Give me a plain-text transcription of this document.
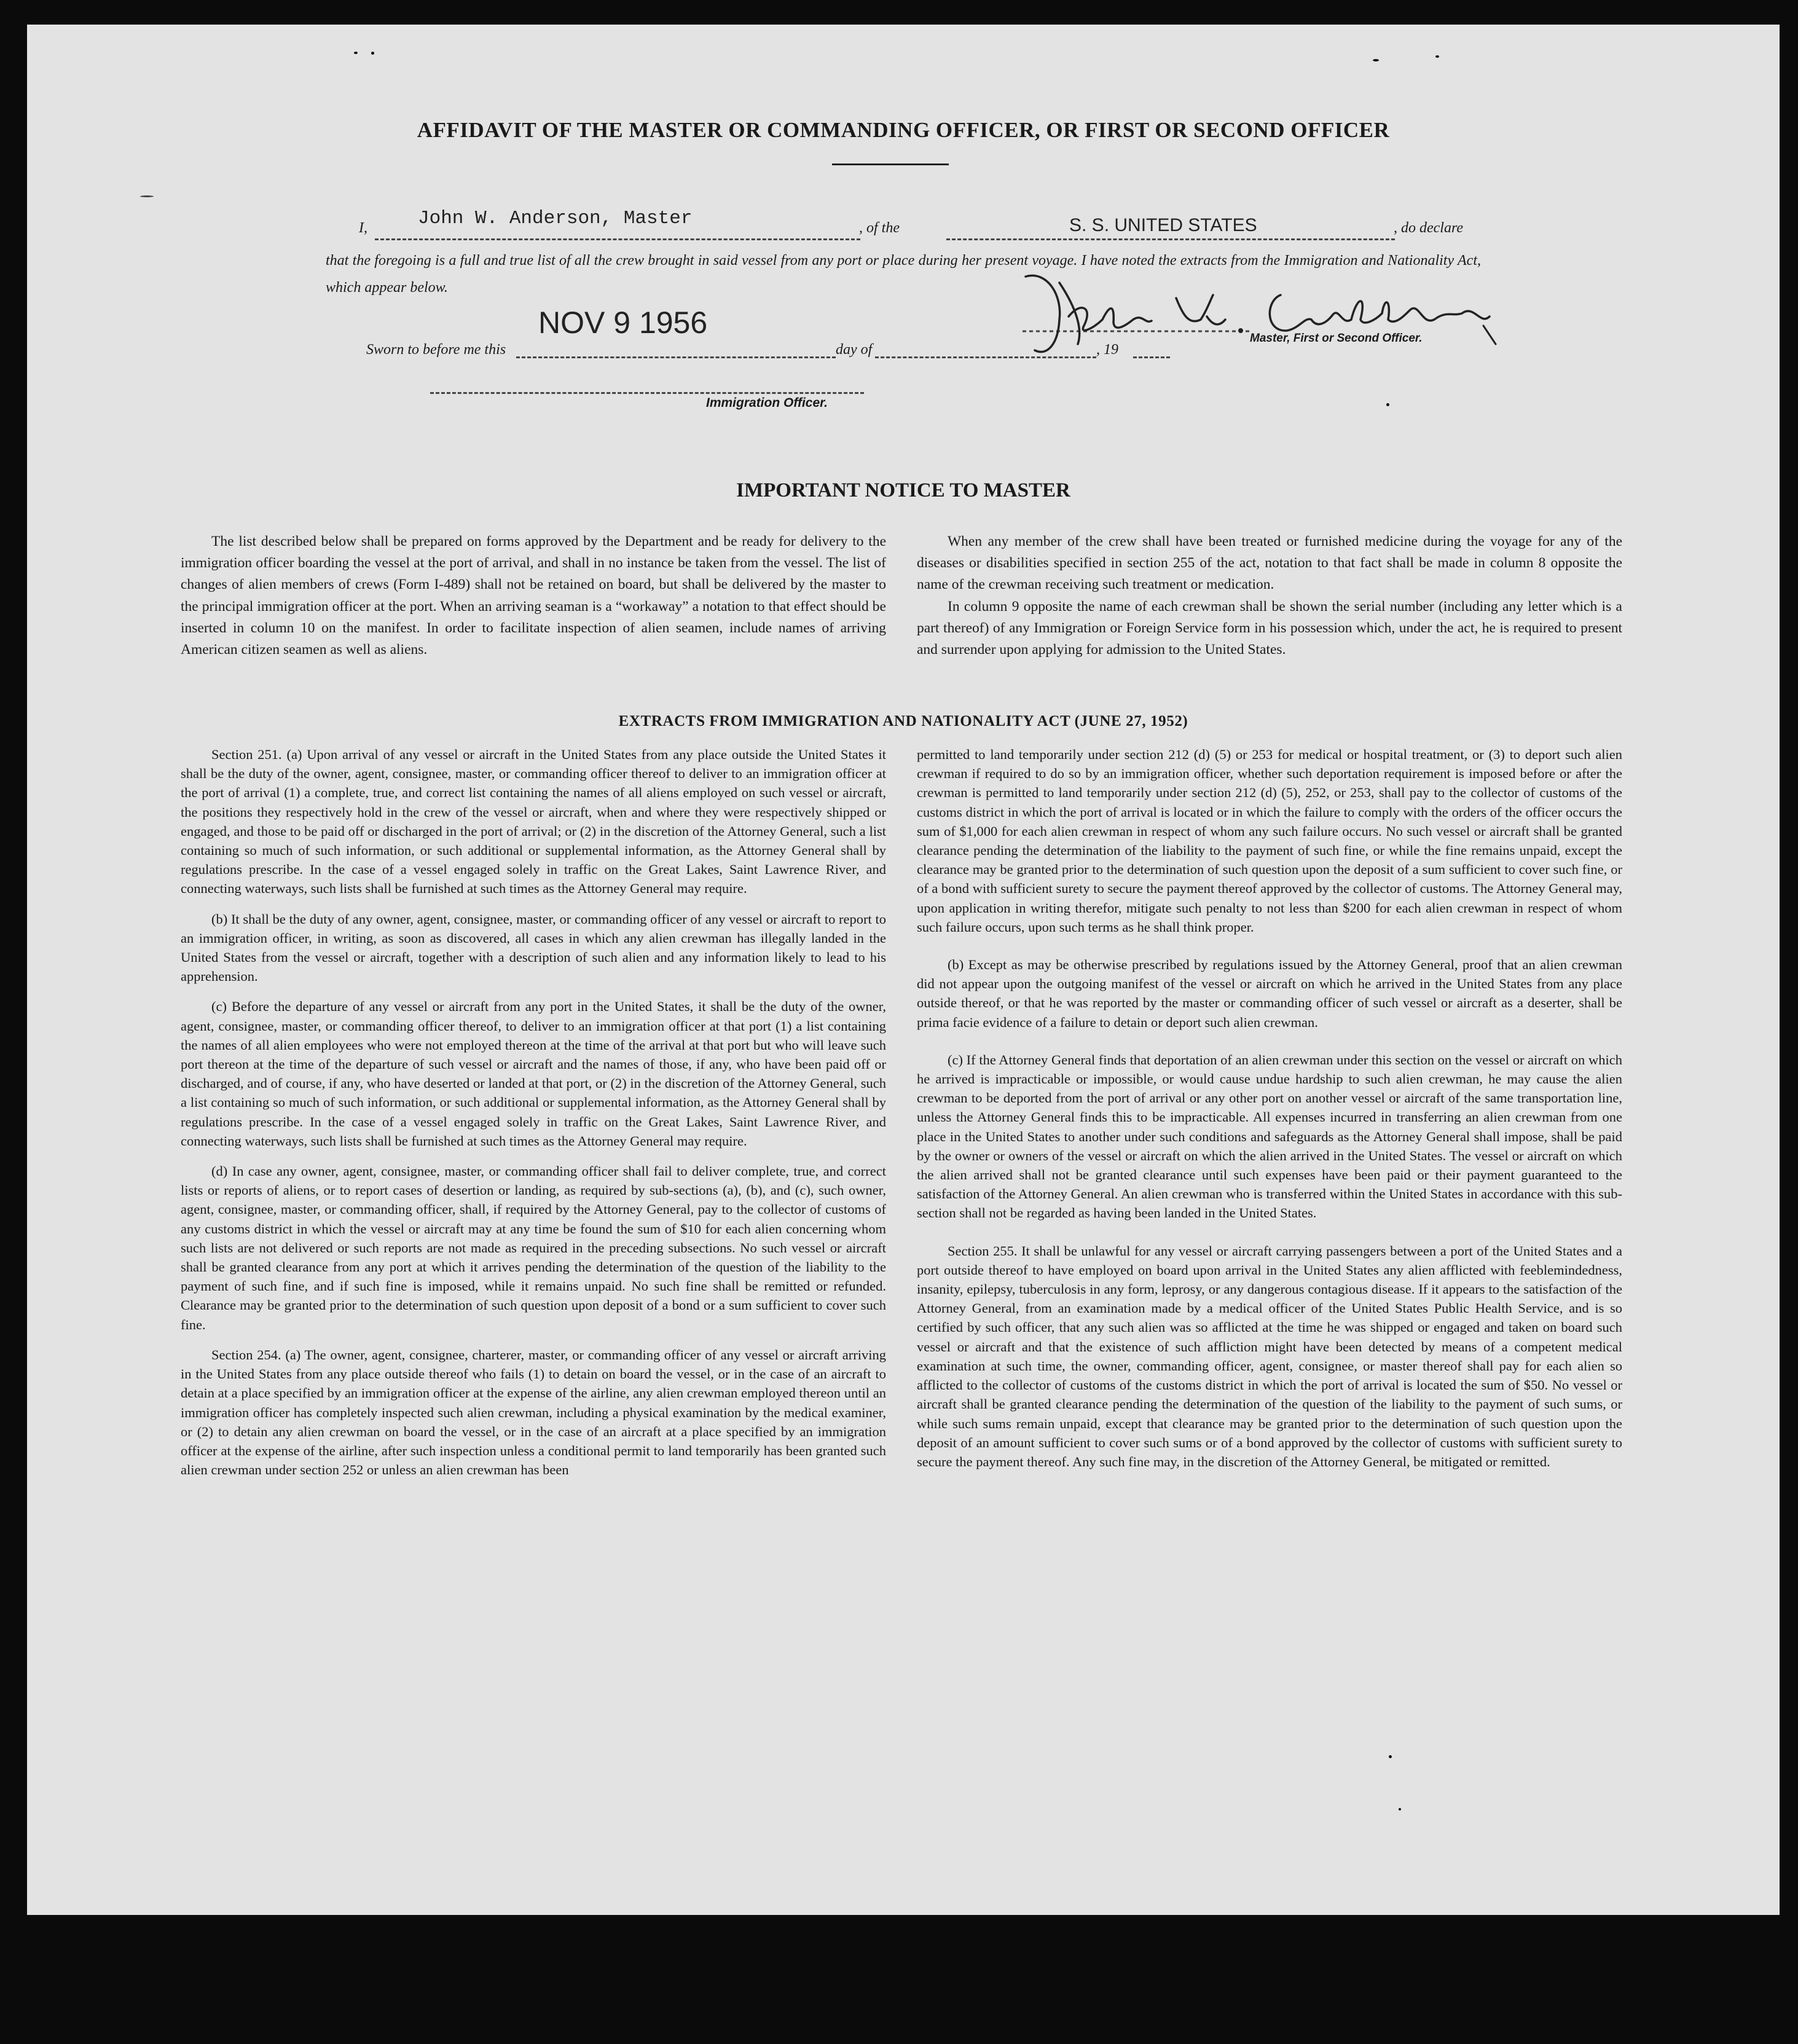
AFFIDAVIT OF THE MASTER OR COMMANDING OFFICER, OR FIRST OR SECOND OFFICER
I,	John W. Anderson, Master	, of the	S. S. UNITED STATES	, do declare
that the foregoing is a full and true list of all the crew brought in said vessel from any port or place during her present voyage. I have noted the extracts from the Immigration and Nationality Act, which appear below.
Master, First or Second Officer.
Sworn to before me this
NOV 9 1956
day of	, 19
Immigration Officer.
IMPORTANT NOTICE TO MASTER

The list described below shall be prepared on forms approved by the Department and be ready for delivery to the immigration officer boarding the vessel at the port of arrival, and shall in no instance be taken from the vessel. The list of changes of alien members of crews (Form I-489) shall not be retained on board, but shall be delivered by the master to the principal immigration officer at the port. When an arriving seaman is a “workaway” a notation to that effect should be inserted in column 10 on the manifest. In order to facilitate inspection of alien seamen, include names of arriving American citizen seamen as well as aliens.

When any member of the crew shall have been treated or furnished medicine during the voyage for any of the diseases or disabilities specified in section 255 of the act, notation to that fact shall be made in column 8 opposite the name of the crewman receiving such treatment or medication.

In column 9 opposite the name of each crewman shall be shown the serial number (including any letter which is a part thereof) of any Immigration or Foreign Service form in his possession which, under the act, he is required to present and surrender upon applying for admission to the United States.

EXTRACTS FROM IMMIGRATION AND NATIONALITY ACT (JUNE 27, 1952)

Section 251. (a) Upon arrival of any vessel or aircraft in the United States from any place outside the United States it shall be the duty of the owner, agent, consignee, master, or commanding officer thereof to deliver to an immigration officer at the port of arrival (1) a complete, true, and correct list containing the names of all aliens employed on such vessel or aircraft, the positions they respectively hold in the crew of the vessel or aircraft, when and where they were respectively shipped or engaged, and those to be paid off or discharged in the port of arrival; or (2) in the discretion of the Attorney General, such a list containing so much of such information, or such additional or supplemental information, as the Attorney General shall by regulations prescribe. In the case of a vessel engaged solely in traffic on the Great Lakes, Saint Lawrence River, and connecting waterways, such lists shall be furnished at such times as the Attorney General may require.

(b) It shall be the duty of any owner, agent, consignee, master, or commanding officer of any vessel or aircraft to report to an immigration officer, in writing, as soon as discovered, all cases in which any alien crewman has illegally landed in the United States from the vessel or aircraft, together with a description of such alien and any information likely to lead to his apprehension.

(c) Before the departure of any vessel or aircraft from any port in the United States, it shall be the duty of the owner, agent, consignee, master, or commanding officer thereof, to deliver to an immigration officer at that port (1) a list containing the names of all alien employees who were not employed thereon at the time of the arrival at that port but who will leave such port thereon at the time of the departure of such vessel or aircraft and the names of those, if any, who have been paid off or discharged, and of course, if any, who have deserted or landed at that port, or (2) in the discretion of the Attorney General, such a list containing so much of such information, or such additional or supplemental information, as the Attorney General shall by regulations prescribe. In the case of a vessel engaged solely in traffic on the Great Lakes, Saint Lawrence River, and connecting waterways, such lists shall be furnished at such times as the Attorney General may require.

(d) In case any owner, agent, consignee, master, or commanding officer shall fail to deliver complete, true, and correct lists or reports of aliens, or to report cases of desertion or landing, as required by sub-sections (a), (b), and (c), such owner, agent, consignee, master, or commanding officer, shall, if required by the Attorney General, pay to the collector of customs of any customs district in which the vessel or aircraft may at any time be found the sum of $10 for each alien concerning whom such lists are not delivered or such reports are not made as required in the preceding subsections. No such vessel or aircraft shall be granted clearance from any port at which it arrives pending the determination of the question of the liability to the payment of such fine, and if such fine is imposed, while it remains unpaid. No such fine shall be remitted or refunded. Clearance may be granted prior to the determination of such question upon deposit of a bond or a sum sufficient to cover such fine.

Section 254. (a) The owner, agent, consignee, charterer, master, or commanding officer of any vessel or aircraft arriving in the United States from any place outside thereof who fails (1) to detain on board the vessel, or in the case of an aircraft to detain at a place specified by an immigration officer at the expense of the airline, any alien crewman employed thereon until an immigration officer has completely inspected such alien crewman, including a physical examination by the medical examiner, or (2) to detain any alien crewman on board the vessel, or in the case of an aircraft at a place specified by an immigration officer at the expense of the airline, after such inspection unless a conditional permit to land temporarily has been granted such alien crewman under section 252 or unless an alien crewman has been

permitted to land temporarily under section 212 (d) (5) or 253 for medical or hospital treatment, or (3) to deport such alien crewman if required to do so by an immigration officer, whether such deportation requirement is imposed before or after the crewman is permitted to land temporarily under section 212 (d) (5), 252, or 253, shall pay to the collector of customs of the customs district in which the port of arrival is located or in which the failure to comply with the orders of the officer occurs the sum of $1,000 for each alien crewman in respect of whom any such failure occurs. No such vessel or aircraft shall be granted clearance pending the determination of the liability to the payment of such fine, or while the fine remains unpaid, except the clearance may be granted prior to the determination of such question upon the deposit of a sum sufficient to cover such fine, or of a bond with sufficient surety to secure the payment thereof approved by the collector of customs. The Attorney General may, upon application in writing therefor, mitigate such penalty to not less than $200 for each alien crewman in respect of whom such failure occurs, upon such terms as he shall think proper.

(b) Except as may be otherwise prescribed by regulations issued by the Attorney General, proof that an alien crewman did not appear upon the outgoing manifest of the vessel or aircraft on which he arrived in the United States from any place outside thereof, or that he was reported by the master or commanding officer of such vessel or aircraft as a deserter, shall be prima facie evidence of a failure to detain or deport such alien crewman.

(c) If the Attorney General finds that deportation of an alien crewman under this section on the vessel or aircraft on which he arrived is impracticable or impossible, or would cause undue hardship to such alien crewman, he may cause the alien crewman to be deported from the port of arrival or any other port on another vessel or aircraft of the same transportation line, unless the Attorney General finds this to be impracticable. All expenses incurred in transferring an alien crewman from one place in the United States to another under such conditions and safeguards as the Attorney General shall impose, shall be paid by the owner or owners of the vessel or aircraft on which the alien arrived in the United States. The vessel or aircraft on which the alien arrived shall not be granted clearance until such expenses have been paid or their payment guaranteed to the satisfaction of the Attorney General. An alien crewman who is transferred within the United States in accordance with this sub-section shall not be regarded as having been landed in the United States.

Section 255. It shall be unlawful for any vessel or aircraft carrying passengers between a port of the United States and a port outside thereof to have employed on board upon arrival in the United States any alien afflicted with feeblemindedness, insanity, epilepsy, tuberculosis in any form, leprosy, or any dangerous contagious disease. If it appears to the satisfaction of the Attorney General, from an examination made by a medical officer of the United States Public Health Service, and is so certified by such officer, that any such alien was so afflicted at the time he was shipped or engaged and taken on board such vessel or aircraft and that the existence of such affliction might have been detected by means of a competent medical examination at such time, the owner, commanding officer, agent, consignee, or master thereof shall pay for each alien so afflicted to the collector of customs of the customs district in which the port of arrival is located the sum of $50. No vessel or aircraft shall be granted clearance pending the determination of the question of the liability to the payment of such sums, or while such sums remain unpaid, except that clearance may be granted prior to the determination of such question upon the deposit of an amount sufficient to cover such sums or of a bond approved by the collector of customs with sufficient surety to secure the payment thereof. Any such fine may, in the discretion of the Attorney General, be mitigated or remitted.
